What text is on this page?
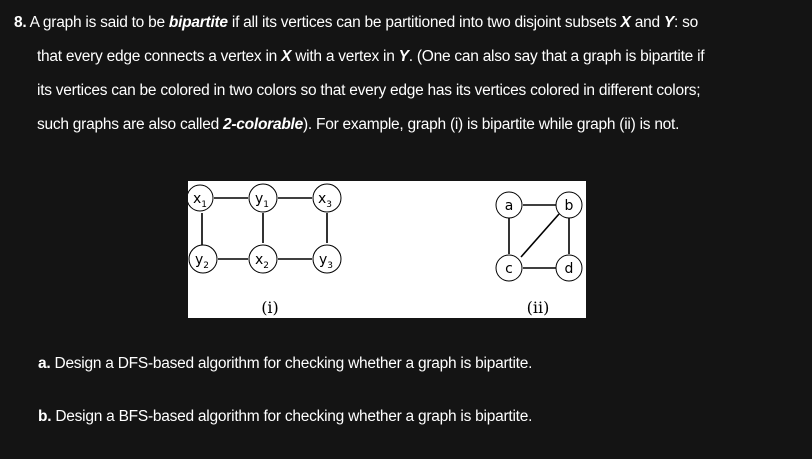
8. A graph is said to be bipartite if all its vertices can be partitioned into two disjoint subsets X and Y: so
that every edge connects a vertex in X with a vertex in Y. (One can also say that a graph is bipartite if
its vertices can be colored in two colors so that every edge has its vertices colored in different colors;
such graphs are also called 2-colorable). For example, graph (i) is bipartite while graph (ii) is not.
$x_1$	$y_1$	$x_3$
$y_2$	$x_2$	$y_3$
(i)
a	b
c	d
(ii)
a. Design a DFS-based algorithm for checking whether a graph is bipartite.
b. Design a BFS-based algorithm for checking whether a graph is bipartite.
